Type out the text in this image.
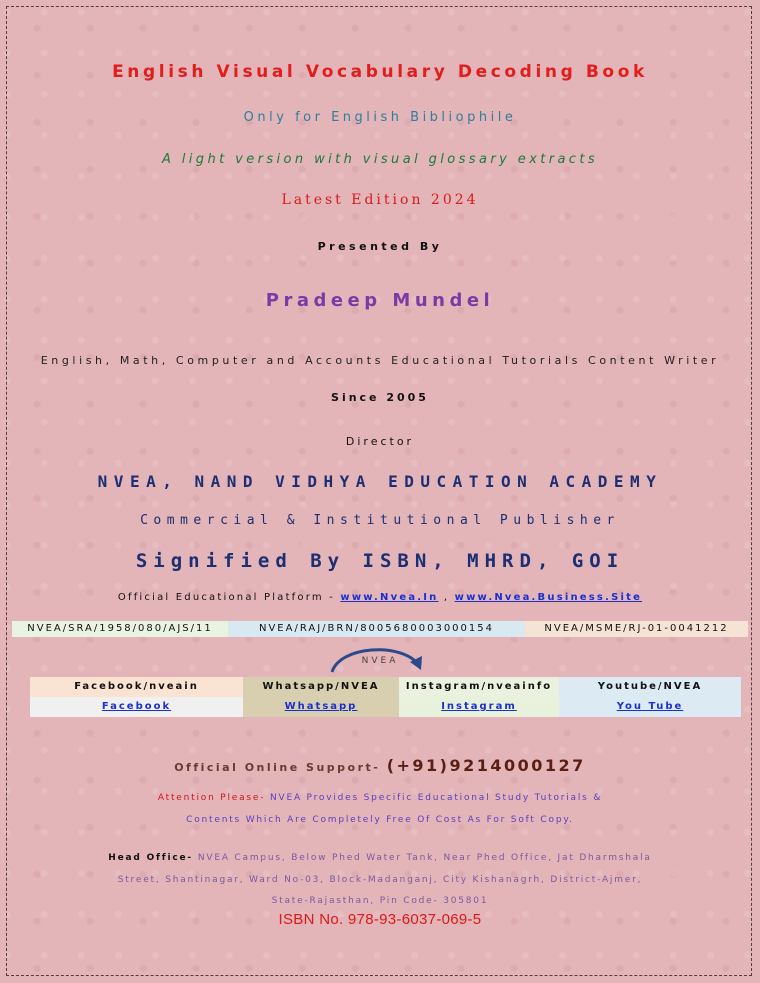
English Visual Vocabulary Decoding Book
Only for English Bibliophile
A light version with visual glossary extracts
Latest Edition 2024
Presented By
Pradeep Mundel
English, Math, Computer and Accounts Educational Tutorials Content Writer
Since 2005
Director
NVEA, NAND VIDHYA EDUCATION ACADEMY
Commercial & Institutional Publisher
Signified By ISBN, MHRD, GOI
Official Educational Platform - www.Nvea.In , www.Nvea.Business.Site
NVEA/SRA/1958/080/AJS/11	NVEA/RAJ/BRN/8005680003000154	NVEA/MSME/RJ-01-0041212
NVEA
Facebook/nveain	Whatsapp/NVEA	Instagram/nveainfo	Youtube/NVEA
Facebook	Whatsapp	Instagram	You Tube
Official Online Support- (+91)9214000127
Attention Please- NVEA Provides Specific Educational Study Tutorials &
Contents Which Are Completely Free Of Cost As For Soft Copy.
Head Office- NVEA Campus, Below Phed Water Tank, Near Phed Office, Jat Dharmshala
Street, Shantinagar, Ward No-03, Block-Madanganj, City Kishanagrh, District-Ajmer,
State-Rajasthan, Pin Code- 305801
ISBN No. 978-93-6037-069-5
